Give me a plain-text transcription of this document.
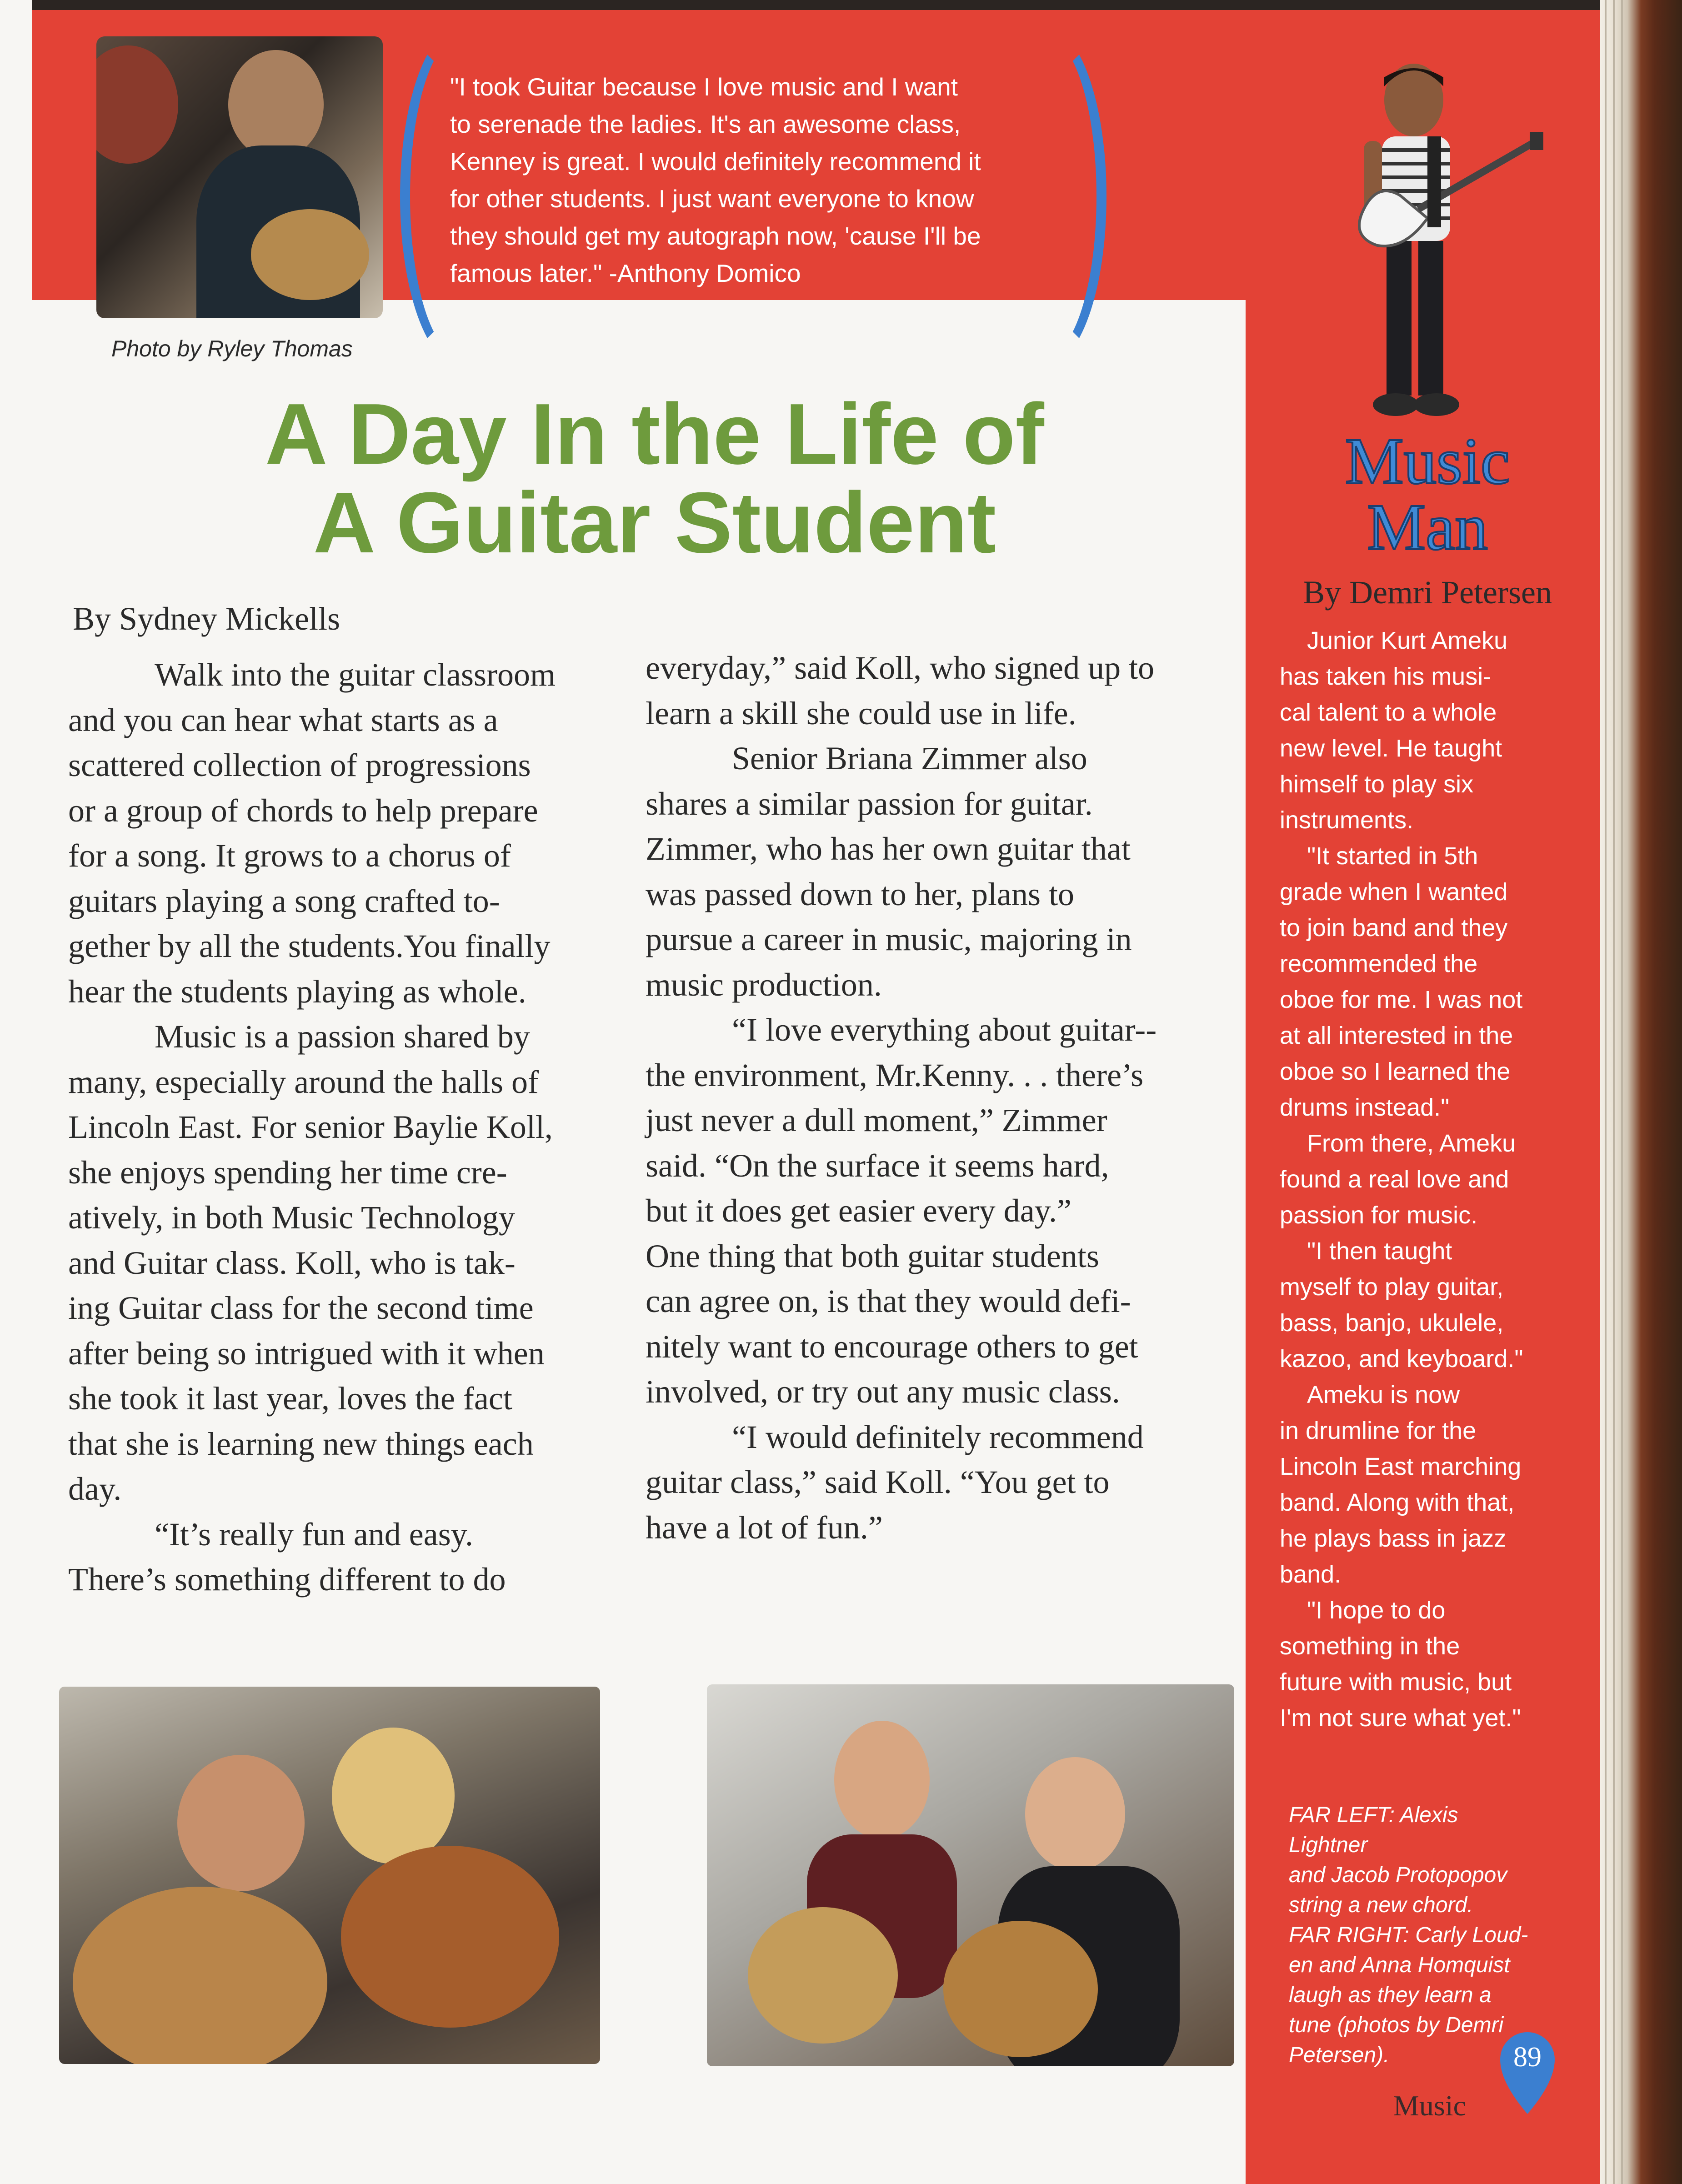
Photo by Ryley Thomas
"I took Guitar because I love music and I want
to serenade the ladies. It's an awesome class,
Kenney is great. I would definitely recommend it
for other students. I just want everyone to know
they should get my autograph now, 'cause I'll be
famous later." -Anthony Domico
A Day In the Life of
A Guitar Student
By Sydney Mickells

Walk into the guitar classroom
and you can hear what starts as a
scattered collection of progressions
or a group of chords to help prepare
for a song. It grows to a chorus of
guitars playing a song crafted to-
gether by all the students.You finally
hear the students playing as whole.

Music is a passion shared by
many, especially around the halls of
Lincoln East. For senior Baylie Koll,
she enjoys spending her time cre-
atively, in both Music Technology
and Guitar class. Koll, who is tak-
ing Guitar class for the second time
after being so intrigued with it when
she took it last year, loves the fact
that she is learning new things each
day.

“It’s really fun and easy.
There’s something different to do

everyday,” said Koll, who signed up to
learn a skill she could use in life.

Senior Briana Zimmer also
shares a similar passion for guitar.
Zimmer, who has her own guitar that
was passed down to her, plans to
pursue a career in music, majoring in
music production.

“I love everything about guitar--
the environment, Mr.Kenny. . . there’s
just never a dull moment,” Zimmer
said. “On the surface it seems hard,
but it does get easier every day.”
One thing that both guitar students
can agree on, is that they would defi-
nitely want to encourage others to get
involved, or try out any music class.

“I would definitely recommend
guitar class,” said Koll. “You get to
have a lot of fun.”

Music
Man
By Demri Petersen

Junior Kurt Ameku
has taken his musi-
cal talent to a whole
new level. He taught
himself to play six
instruments.

"It started in 5th
grade when I wanted
to join band and they
recommended the
oboe for me. I was not
at all interested in the
oboe so I learned the
drums instead."

From there, Ameku
found a real love and
passion for music.

"I then taught
myself to play guitar,
bass, banjo, ukulele,
kazoo, and keyboard."

Ameku is now
in drumline for the
Lincoln East marching
band. Along with that,
he plays bass in jazz
band.

"I hope to do
something in the
future with music, but
I'm not sure what yet."

FAR LEFT: Alexis Lightner
and Jacob Protopopov
string a new chord.
FAR RIGHT: Carly Loud-
en and Anna Homquist
laugh as they learn a
tune (photos by Demri
Petersen).	89
Music
